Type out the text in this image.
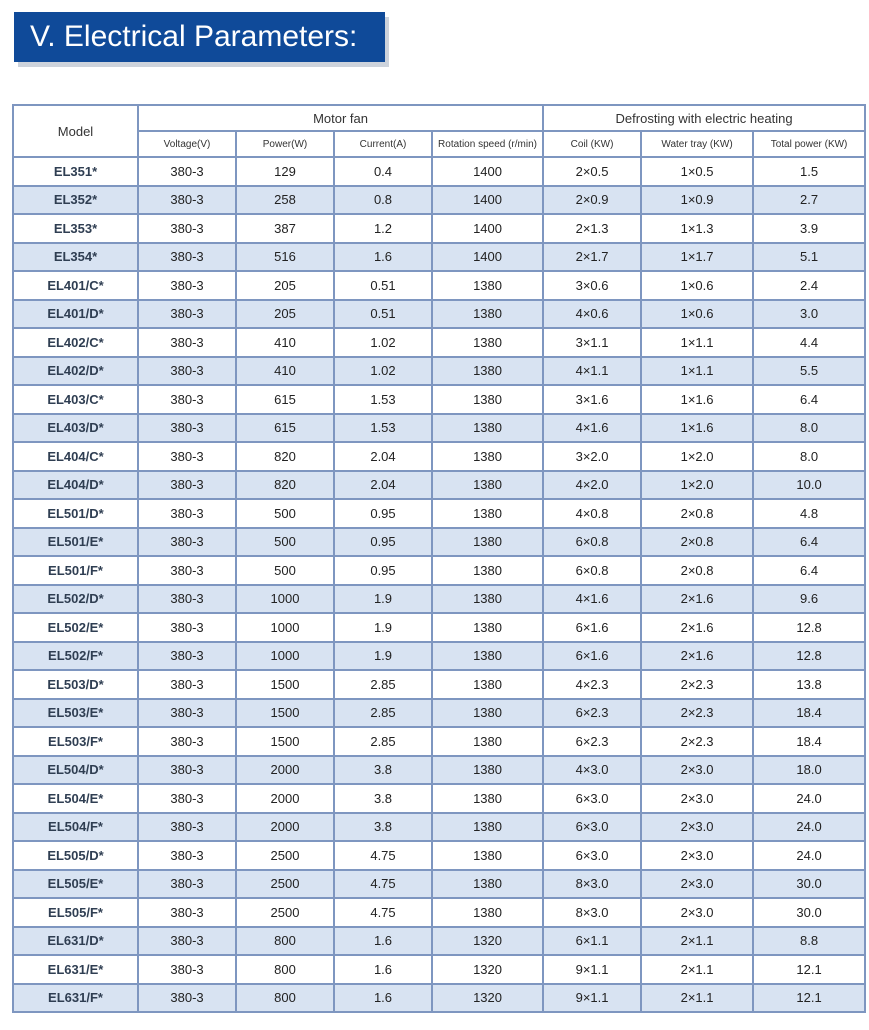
V. Electrical Parameters:
Model	Motor fan				Defrosting with electric heating		
	Voltage(V)	Power(W)	Current(A)	Rotation speed (r/min)	Coil (KW)	Water tray (KW)	Total power (KW)
EL351*	380-3	129	0.4	1400	2×0.5	1×0.5	1.5
EL352*	380-3	258	0.8	1400	2×0.9	1×0.9	2.7
EL353*	380-3	387	1.2	1400	2×1.3	1×1.3	3.9
EL354*	380-3	516	1.6	1400	2×1.7	1×1.7	5.1
EL401/C*	380-3	205	0.51	1380	3×0.6	1×0.6	2.4
EL401/D*	380-3	205	0.51	1380	4×0.6	1×0.6	3.0
EL402/C*	380-3	410	1.02	1380	3×1.1	1×1.1	4.4
EL402/D*	380-3	410	1.02	1380	4×1.1	1×1.1	5.5
EL403/C*	380-3	615	1.53	1380	3×1.6	1×1.6	6.4
EL403/D*	380-3	615	1.53	1380	4×1.6	1×1.6	8.0
EL404/C*	380-3	820	2.04	1380	3×2.0	1×2.0	8.0
EL404/D*	380-3	820	2.04	1380	4×2.0	1×2.0	10.0
EL501/D*	380-3	500	0.95	1380	4×0.8	2×0.8	4.8
EL501/E*	380-3	500	0.95	1380	6×0.8	2×0.8	6.4
EL501/F*	380-3	500	0.95	1380	6×0.8	2×0.8	6.4
EL502/D*	380-3	1000	1.9	1380	4×1.6	2×1.6	9.6
EL502/E*	380-3	1000	1.9	1380	6×1.6	2×1.6	12.8
EL502/F*	380-3	1000	1.9	1380	6×1.6	2×1.6	12.8
EL503/D*	380-3	1500	2.85	1380	4×2.3	2×2.3	13.8
EL503/E*	380-3	1500	2.85	1380	6×2.3	2×2.3	18.4
EL503/F*	380-3	1500	2.85	1380	6×2.3	2×2.3	18.4
EL504/D*	380-3	2000	3.8	1380	4×3.0	2×3.0	18.0
EL504/E*	380-3	2000	3.8	1380	6×3.0	2×3.0	24.0
EL504/F*	380-3	2000	3.8	1380	6×3.0	2×3.0	24.0
EL505/D*	380-3	2500	4.75	1380	6×3.0	2×3.0	24.0
EL505/E*	380-3	2500	4.75	1380	8×3.0	2×3.0	30.0
EL505/F*	380-3	2500	4.75	1380	8×3.0	2×3.0	30.0
EL631/D*	380-3	800	1.6	1320	6×1.1	2×1.1	8.8
EL631/E*	380-3	800	1.6	1320	9×1.1	2×1.1	12.1
EL631/F*	380-3	800	1.6	1320	9×1.1	2×1.1	12.1
